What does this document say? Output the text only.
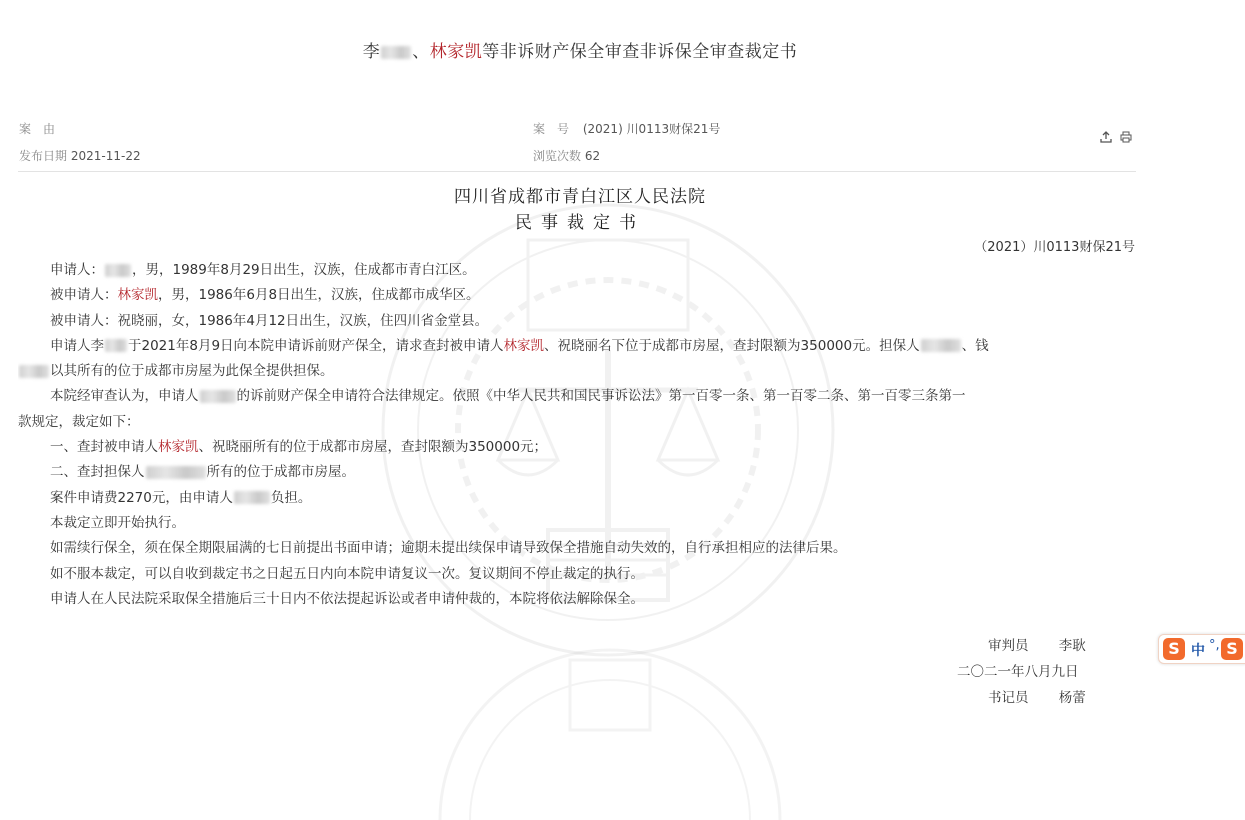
李 、林家凯等非诉财产保全审查非诉保全审查裁定书
案　由	案　号 (2021) 川0113财保21号
发布日期 2021-11-22	浏览次数 62

四川省成都市青白江区人民法院
民事裁定书
（2021）川0113财保21号

申请人： ，男，1989年8月29日出生，汉族，住成都市青白江区。

被申请人：林家凯，男，1986年6月8日出生，汉族，住成都市成华区。

被申请人：祝晓丽，女，1986年4月12日出生，汉族，住四川省金堂县。

申请人李 于2021年8月9日向本院申请诉前财产保全，请求查封被申请人林家凯、祝晓丽名下位于成都市房屋，查封限额为350000元。担保人	、钱

以其所有的位于成都市房屋为此保全提供担保。

本院经审查认为，申请人	的诉前财产保全申请符合法律规定。依照《中华人民共和国民事诉讼法》第一百零一条、第一百零二条、第一百零三条第一

款规定，裁定如下：

一、查封被申请人林家凯、祝晓丽所有的位于成都市房屋，查封限额为350000元；

二、查封担保人	所有的位于成都市房屋。

案件申请费2270元，由申请人	负担。

本裁定立即开始执行。

如需续行保全，须在保全期限届满的七日前提出书面申请；逾期未提出续保申请导致保全措施自动失效的，自行承担相应的法律后果。

如不服本裁定，可以自收到裁定书之日起五日内向本院申请复议一次。复议期间不停止裁定的执行。

申请人在人民法院采取保全措施后三十日内不依法提起诉讼或者申请仲裁的，本院将依法解除保全。

审判员 李耿
二〇二一年八月九日
书记员 杨蕾
S 中 °, S
